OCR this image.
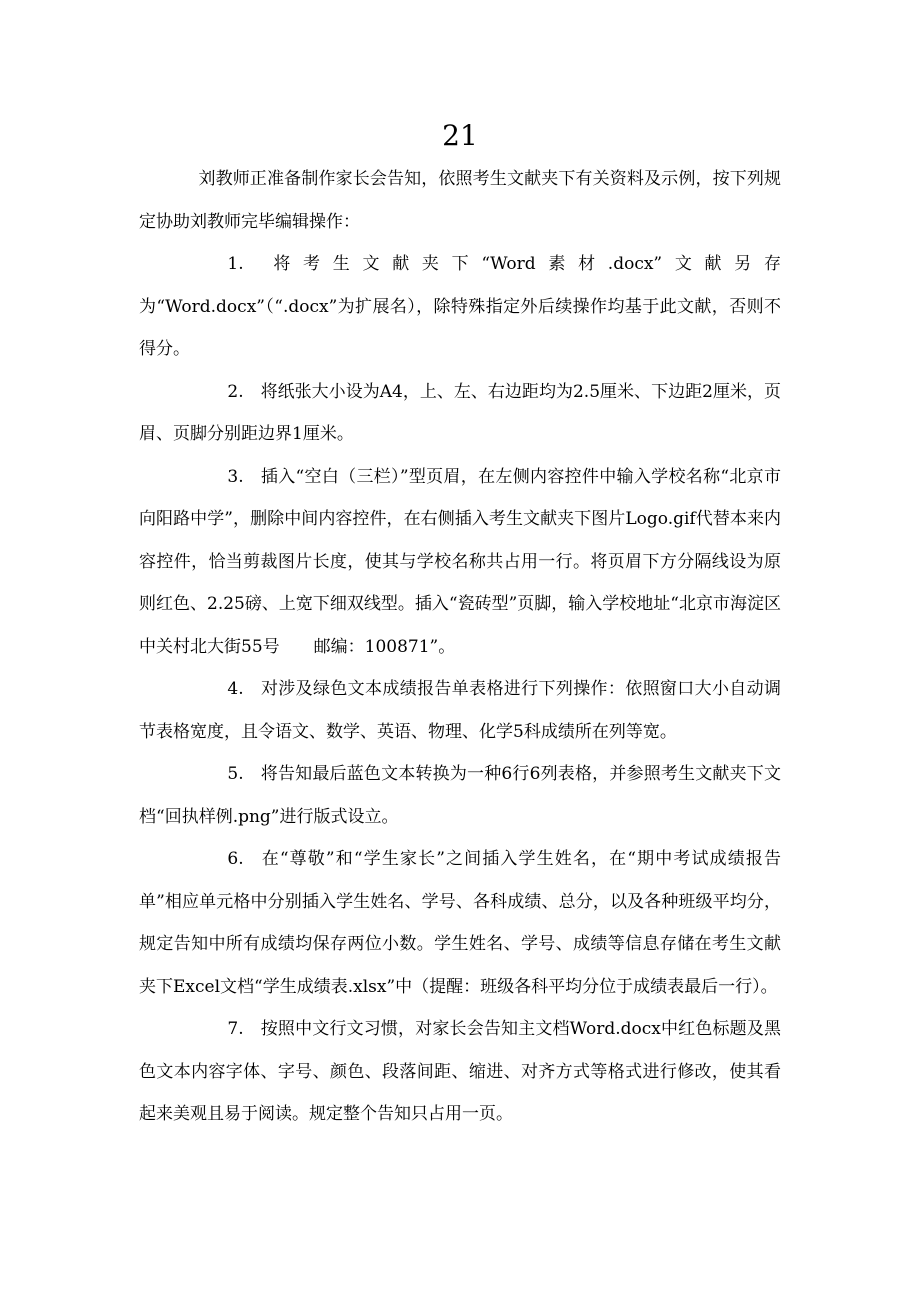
21

刘教师正准备制作家长会告知，依照考生文献夹下有关资料及示例，按下列规定协助刘教师完毕编辑操作：

1. 将考生文献夹下“Word素材.docx”文献另存为“Word.docx”（“.docx”为扩展名），除特殊指定外后续操作均基于此文献，否则不得分。

2. 将纸张大小设为A4，上、左、右边距均为2.5厘米、下边距2厘米，页眉、页脚分别距边界1厘米。

3. 插入“空白（三栏）”型页眉，在左侧内容控件中输入学校名称“北京市向阳路中学”，删除中间内容控件，在右侧插入考生文献夹下图片Logo.gif代替本来内容控件，恰当剪裁图片长度，使其与学校名称共占用一行。将页眉下方分隔线设为原则红色、2.25磅、上宽下细双线型。插入“瓷砖型”页脚，输入学校地址“北京市海淀区中关村北大街55号　　邮编：100871”。

4. 对涉及绿色文本成绩报告单表格进行下列操作：依照窗口大小自动调节表格宽度，且令语文、数学、英语、物理、化学5科成绩所在列等宽。

5. 将告知最后蓝色文本转换为一种6行6列表格，并参照考生文献夹下文档“回执样例.png”进行版式设立。

6. 在“尊敬”和“学生家长”之间插入学生姓名，在“期中考试成绩报告单”相应单元格中分别插入学生姓名、学号、各科成绩、总分，以及各种班级平均分，规定告知中所有成绩均保存两位小数。学生姓名、学号、成绩等信息存储在考生文献夹下Excel文档“学生成绩表.xlsx”中（提醒：班级各科平均分位于成绩表最后一行）。

7. 按照中文行文习惯，对家长会告知主文档Word.docx中红色标题及黑色文本内容字体、字号、颜色、段落间距、缩进、对齐方式等格式进行修改，使其看起来美观且易于阅读。规定整个告知只占用一页。
